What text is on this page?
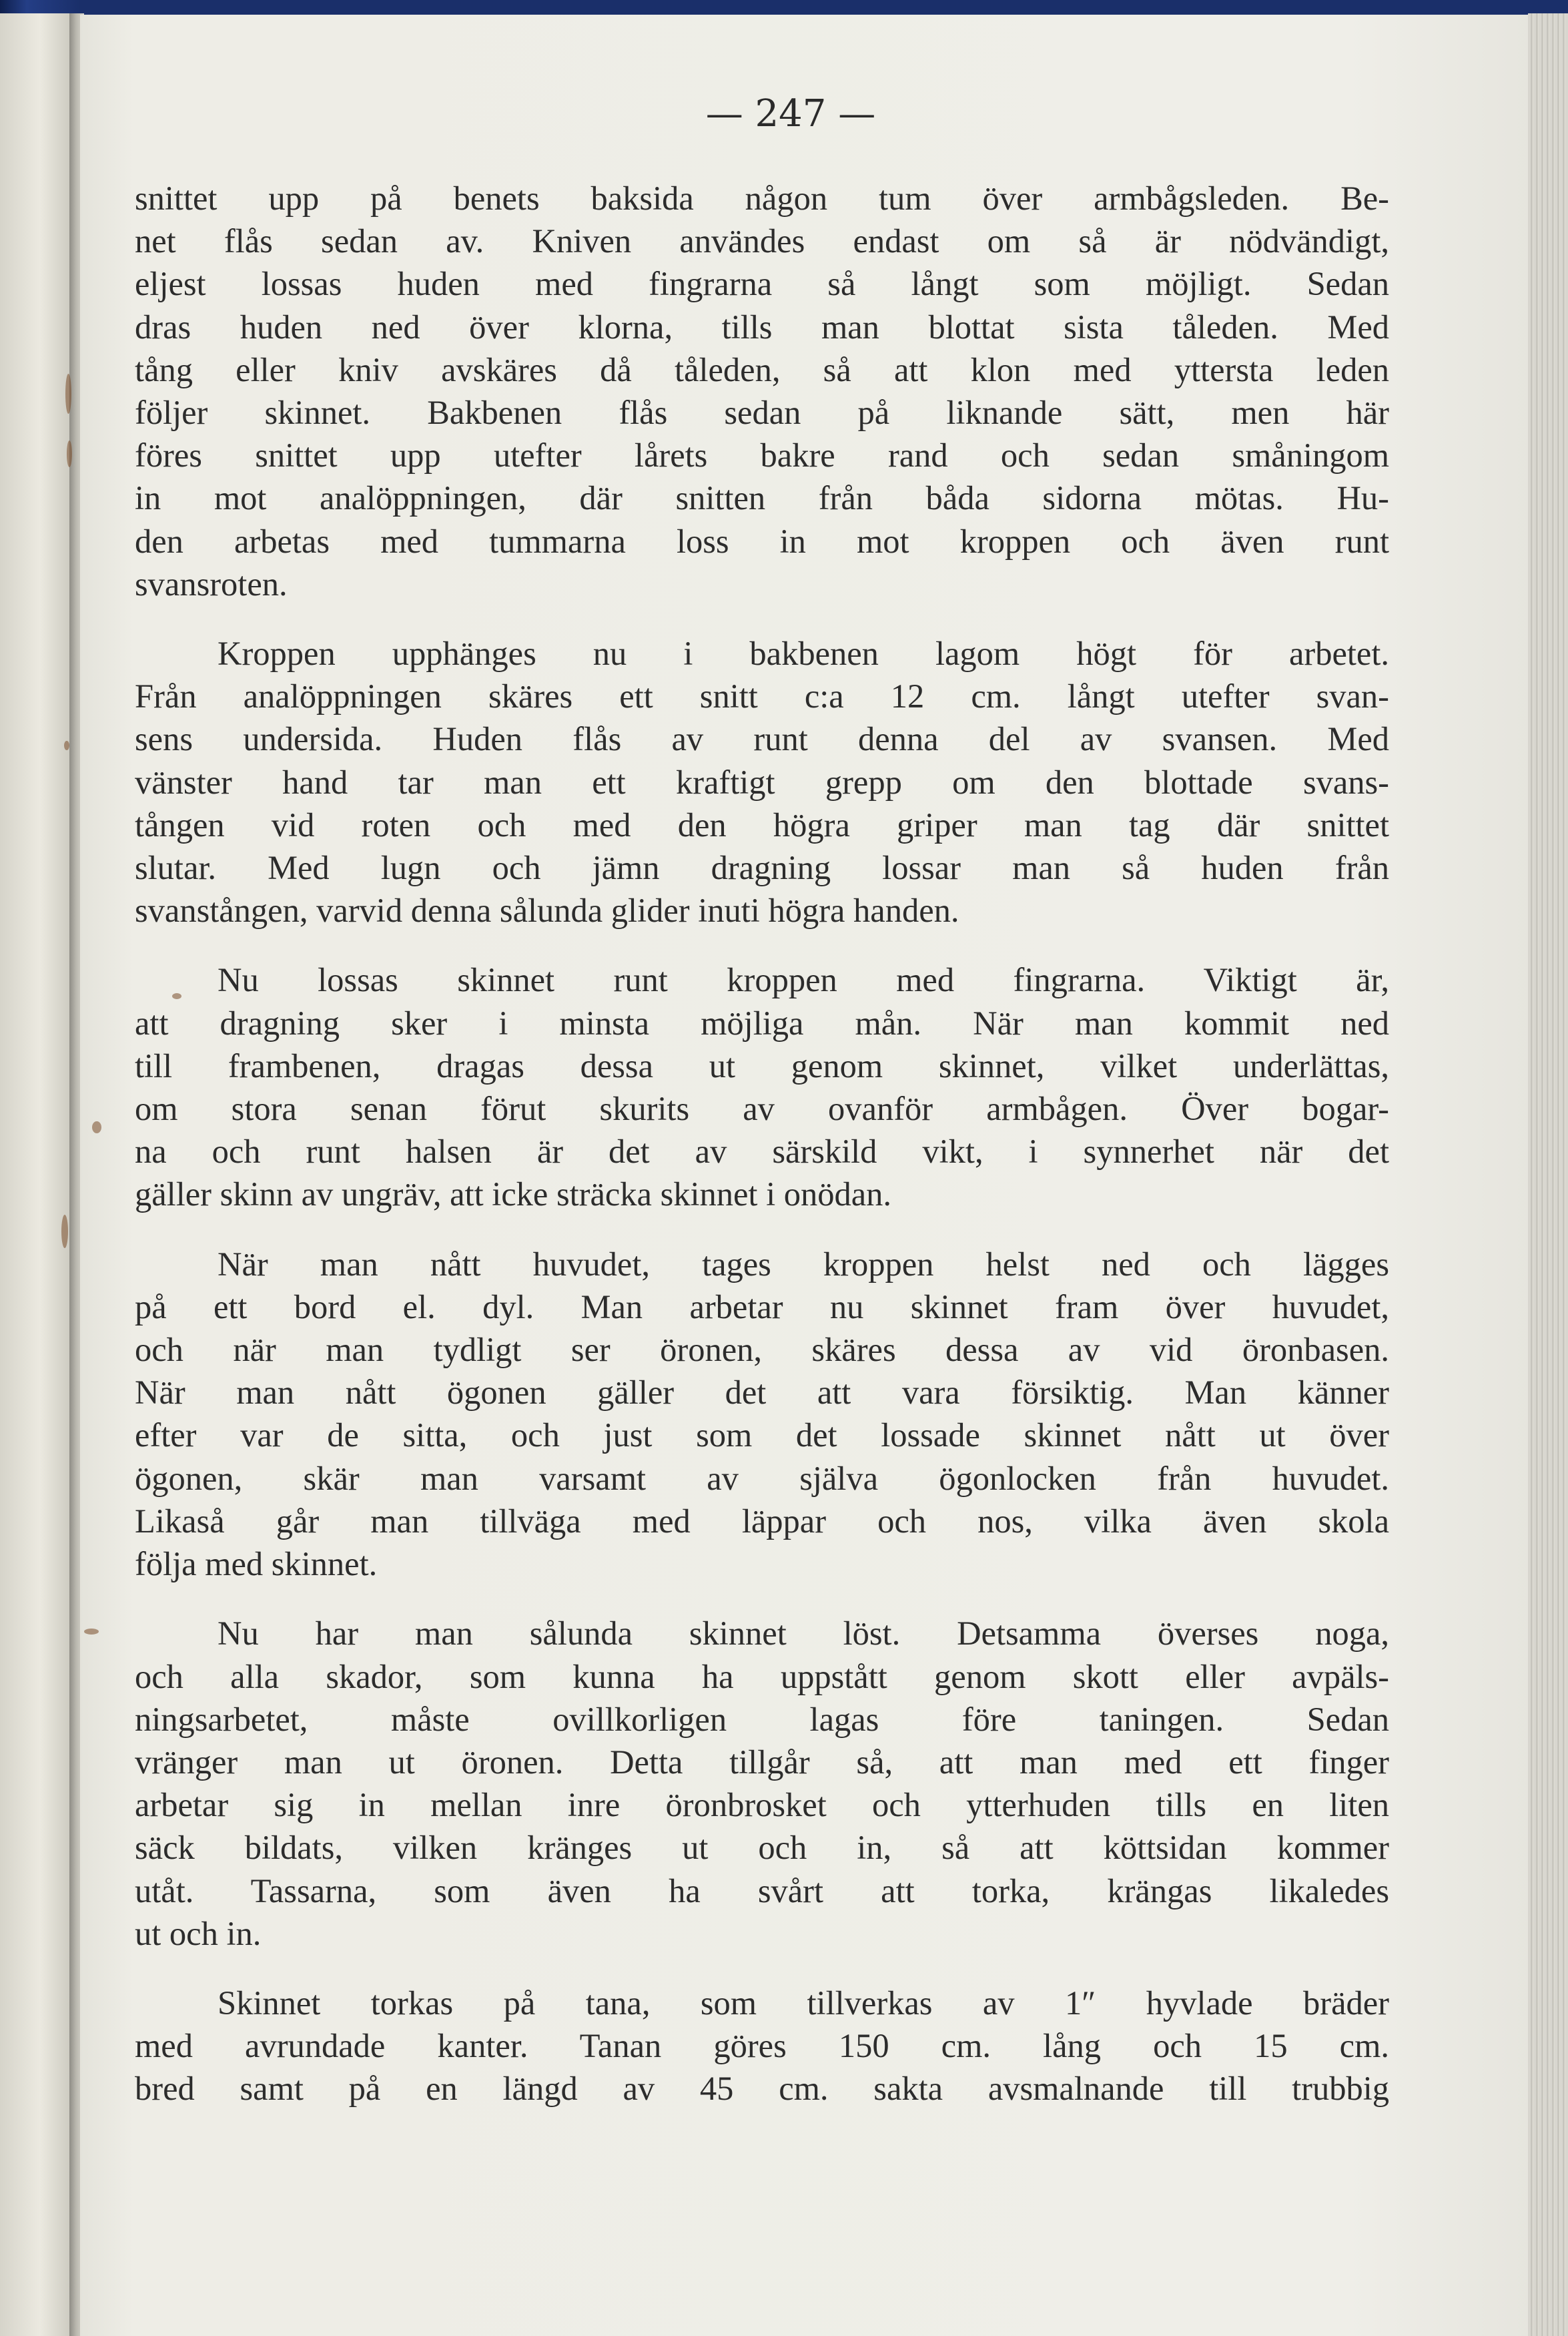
— 247 —
snittet upp på benets baksida någon tum över armbågsleden. Be-
net flås sedan av. Kniven användes endast om så är nödvändigt,
eljest lossas huden med fingrarna så långt som möjligt. Sedan
dras huden ned över klorna, tills man blottat sista tåleden. Med
tång eller kniv avskäres då tåleden, så att klon med yttersta leden
följer skinnet. Bakbenen flås sedan på liknande sätt, men här
föres snittet upp utefter lårets bakre rand och sedan småningom
in mot analöppningen, där snitten från båda sidorna mötas. Hu-
den arbetas med tummarna loss in mot kroppen och även runt
svansroten.
Kroppen upphänges nu i bakbenen lagom högt för arbetet.
Från analöppningen skäres ett snitt c:a 12 cm. långt utefter svan-
sens undersida. Huden flås av runt denna del av svansen. Med
vänster hand tar man ett kraftigt grepp om den blottade svans-
tången vid roten och med den högra griper man tag där snittet
slutar. Med lugn och jämn dragning lossar man så huden från
svanstången, varvid denna sålunda glider inuti högra handen.
Nu lossas skinnet runt kroppen med fingrarna. Viktigt är,
att dragning sker i minsta möjliga mån. När man kommit ned
till frambenen, dragas dessa ut genom skinnet, vilket underlättas,
om stora senan förut skurits av ovanför armbågen. Över bogar-
na och runt halsen är det av särskild vikt, i synnerhet när det
gäller skinn av ungräv, att icke sträcka skinnet i onödan.
När man nått huvudet, tages kroppen helst ned och lägges
på ett bord el. dyl. Man arbetar nu skinnet fram över huvudet,
och när man tydligt ser öronen, skäres dessa av vid öronbasen.
När man nått ögonen gäller det att vara försiktig. Man känner
efter var de sitta, och just som det lossade skinnet nått ut över
ögonen, skär man varsamt av själva ögonlocken från huvudet.
Likaså går man tillväga med läppar och nos, vilka även skola
följa med skinnet.
Nu har man sålunda skinnet löst. Detsamma överses noga,
och alla skador, som kunna ha uppstått genom skott eller avpäls-
ningsarbetet, måste ovillkorligen lagas före taningen. Sedan
vränger man ut öronen. Detta tillgår så, att man med ett finger
arbetar sig in mellan inre öronbrosket och ytterhuden tills en liten
säck bildats, vilken kränges ut och in, så att köttsidan kommer
utåt. Tassarna, som även ha svårt att torka, krängas likaledes
ut och in.
Skinnet torkas på tana, som tillverkas av 1″ hyvlade bräder
med avrundade kanter. Tanan göres 150 cm. lång och 15 cm.
bred samt på en längd av 45 cm. sakta avsmalnande till trubbig
